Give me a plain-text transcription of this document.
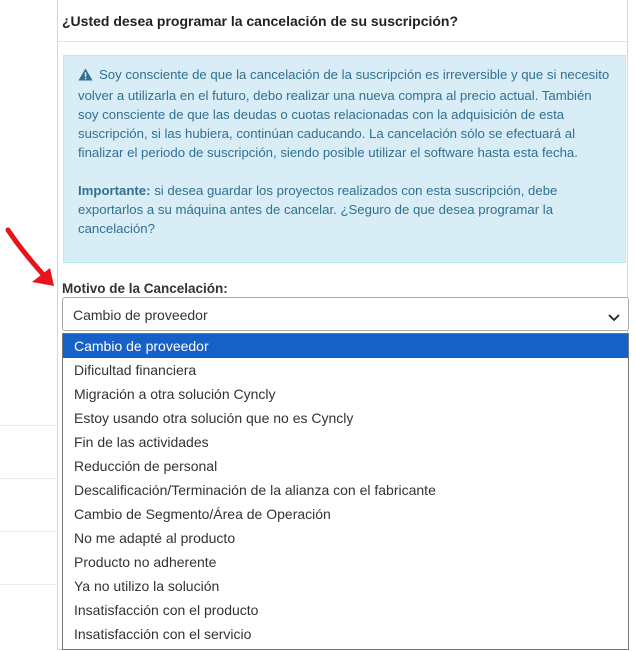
¿Usted desea programar la cancelación de su suscripción?

Soy consciente de que la cancelación de la suscripción es irreversible y que si necesito volver a utilizarla en el futuro, debo realizar una nueva compra al precio actual. También soy consciente de que las deudas o cuotas relacionadas con la adquisición de esta suscripción, si las hubiera, continúan caducando. La cancelación sólo se efectuará al finalizar el periodo de suscripción, siendo posible utilizar el software hasta esta fecha.

Importante: si desea guardar los proyectos realizados con esta suscripción, debe exportarlos a su máquina antes de cancelar. ¿Seguro de que desea programar la cancelación?

Motivo de la Cancelación:
Cambio de proveedor
Cambio de proveedor
Dificultad financiera
Migración a otra solución Cyncly
Estoy usando otra solución que no es Cyncly
Fin de las actividades
Reducción de personal
Descalificación/Terminación de la alianza con el fabricante
Cambio de Segmento/Área de Operación
No me adapté al producto
Producto no adherente
Ya no utilizo la solución
Insatisfacción con el producto
Insatisfacción con el servicio
